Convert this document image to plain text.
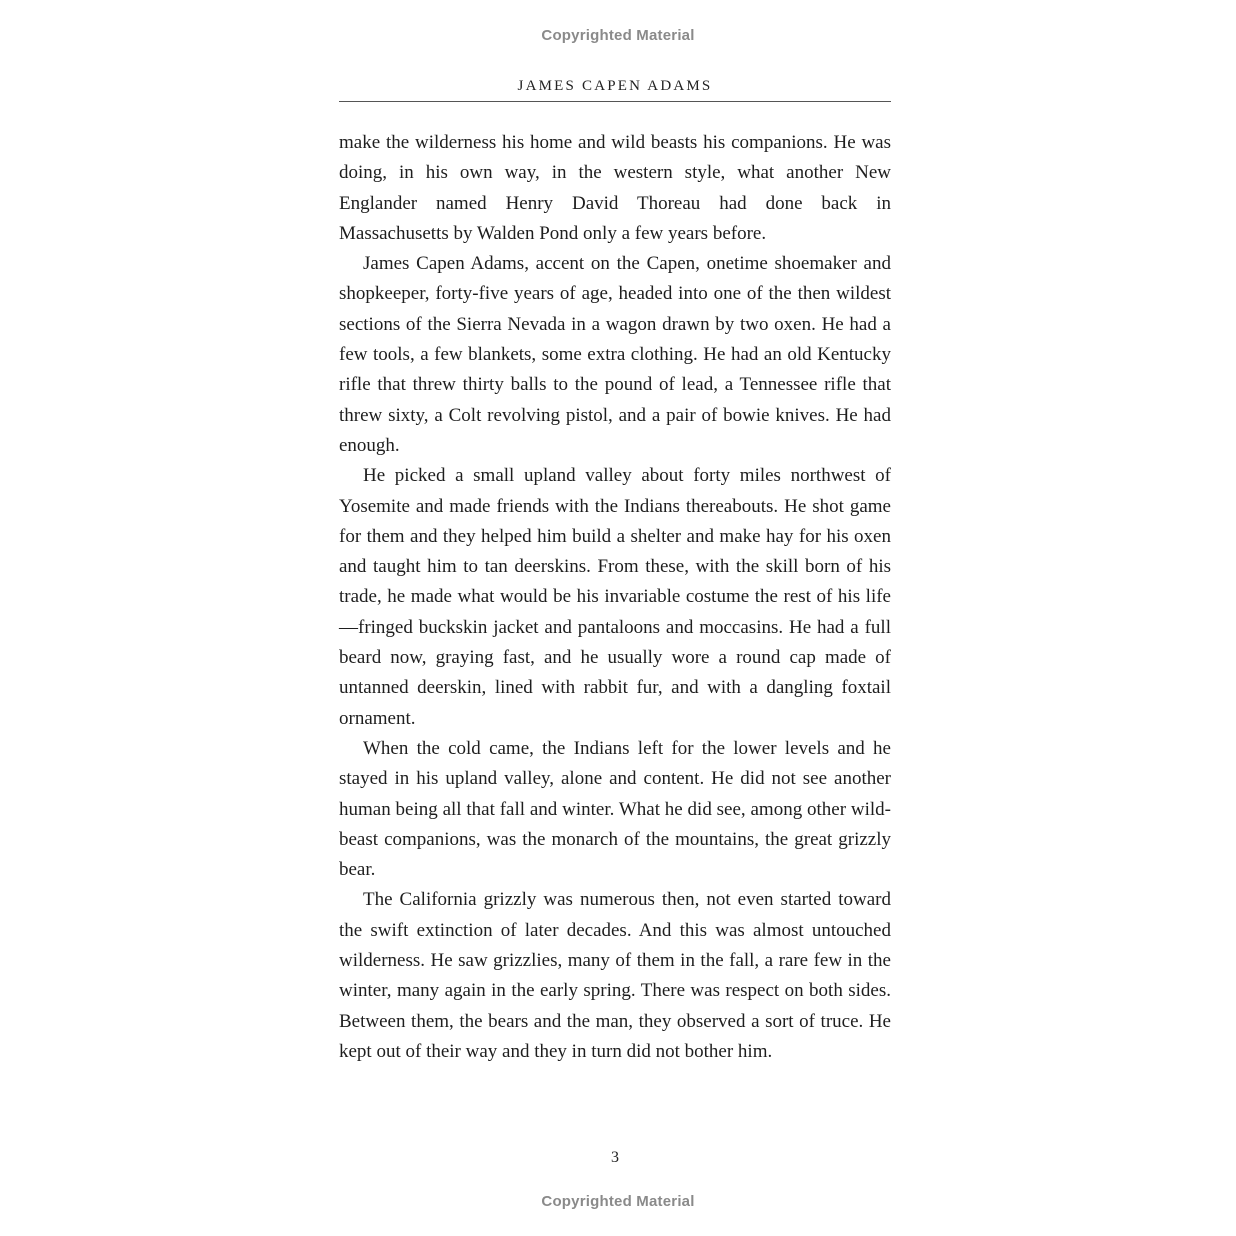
Copyrighted Material
JAMES CAPEN ADAMS

make the wilderness his home and wild beasts his companions. He was doing, in his own way, in the western style, what another New Englander named Henry David Thoreau had done back in Massachusetts by Walden Pond only a few years before.

James Capen Adams, accent on the Capen, onetime shoemaker and shopkeeper, forty-five years of age, headed into one of the then wildest sections of the Sierra Nevada in a wagon drawn by two oxen. He had a few tools, a few blankets, some extra clothing. He had an old Kentucky rifle that threw thirty balls to the pound of lead, a Tennessee rifle that threw sixty, a Colt revolving pistol, and a pair of bowie knives. He had enough.

He picked a small upland valley about forty miles northwest of Yosemite and made friends with the Indians thereabouts. He shot game for them and they helped him build a shelter and make hay for his oxen and taught him to tan deerskins. From these, with the skill born of his trade, he made what would be his invariable costume the rest of his life—fringed buckskin jacket and pantaloons and moccasins. He had a full beard now, graying fast, and he usually wore a round cap made of untanned deerskin, lined with rabbit fur, and with a dangling foxtail ornament.

When the cold came, the Indians left for the lower levels and he stayed in his upland valley, alone and content. He did not see another human being all that fall and winter. What he did see, among other wild-beast companions, was the monarch of the mountains, the great grizzly bear.

The California grizzly was numerous then, not even started toward the swift extinction of later decades. And this was almost untouched wilderness. He saw grizzlies, many of them in the fall, a rare few in the winter, many again in the early spring. There was respect on both sides. Between them, the bears and the man, they observed a sort of truce. He kept out of their way and they in turn did not bother him.

3
Copyrighted Material
